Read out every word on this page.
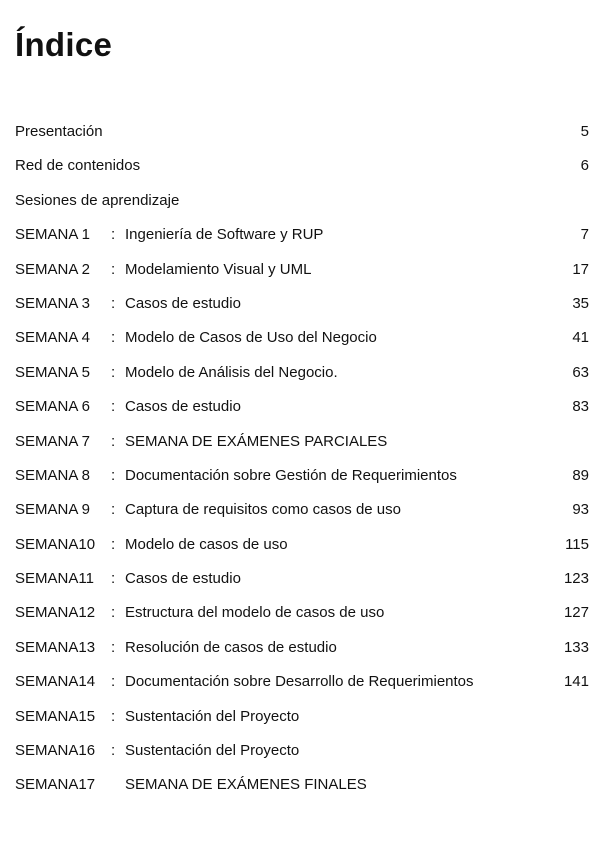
Índice
Presentación	5
Red de contenidos	6
Sesiones de aprendizaje
SEMANA 1 : Ingeniería de Software y RUP	7
SEMANA 2 : Modelamiento Visual y UML	17
SEMANA 3 : Casos de estudio	35
SEMANA 4 : Modelo de Casos de Uso del Negocio	41
SEMANA 5 : Modelo de Análisis del Negocio.	63
SEMANA 6 : Casos de estudio	83
SEMANA 7 : SEMANA DE EXÁMENES PARCIALES
SEMANA 8 : Documentación sobre Gestión de Requerimientos	89
SEMANA 9 : Captura de requisitos como casos de uso	93
SEMANA10 : Modelo de casos de uso	115
SEMANA11 : Casos de estudio	123
SEMANA12 : Estructura del modelo de casos de uso	127
SEMANA13 : Resolución de casos de estudio	133
SEMANA14 : Documentación sobre Desarrollo de Requerimientos	141
SEMANA15 : Sustentación del Proyecto
SEMANA16 : Sustentación del Proyecto
SEMANA17 SEMANA DE EXÁMENES FINALES
